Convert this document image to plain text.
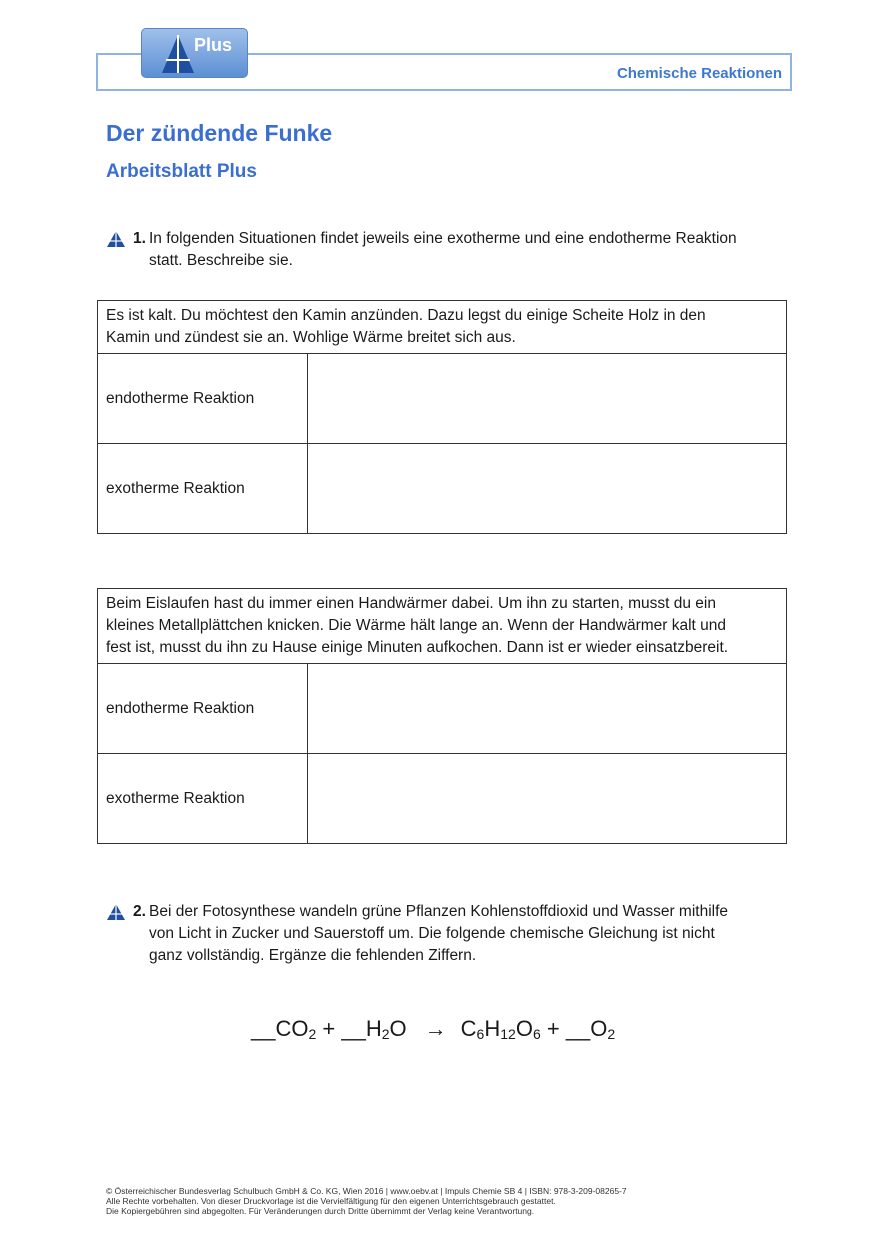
Chemische Reaktionen
Plus
Der zündende Funke
Arbeitsblatt Plus
1. In folgenden Situationen findet jeweils eine exotherme und eine endotherme Reaktion
statt. Beschreibe sie.
Es ist kalt. Du möchtest den Kamin anzünden. Dazu legst du einige Scheite Holz in den
Kamin und zündest sie an. Wohlige Wärme breitet sich aus.	

endotherme Reaktion	
exotherme Reaktion	
Beim Eislaufen hast du immer einen Handwärmer dabei. Um ihn zu starten, musst du ein
kleines Metallplättchen knicken. Die Wärme hält lange an. Wenn der Handwärmer kalt und
fest ist, musst du ihn zu Hause einige Minuten aufkochen. Dann ist er wieder einsatzbereit.	

endotherme Reaktion	
exotherme Reaktion	
2. Bei der Fotosynthese wandeln grüne Pflanzen Kohlenstoffdioxid und Wasser mithilfe
von Licht in Zucker und Sauerstoff um. Die folgende chemische Gleichung ist nicht
ganz vollständig. Ergänze die fehlenden Ziffern.
$\_\_CO_2$ + $\_\_H_2O \to C_6H_{12}O_6$ + $\_\_O_2$
© Österreichischer Bundesverlag Schulbuch GmbH & Co. KG, Wien 2016 | www.oebv.at | Impuls Chemie SB 4 | ISBN: 978-3-209-08265-7
Alle Rechte vorbehalten. Von dieser Druckvorlage ist die Vervielfältigung für den eigenen Unterrichtsgebrauch gestattet.
Die Kopiergebühren sind abgegolten. Für Veränderungen durch Dritte übernimmt der Verlag keine Verantwortung.
